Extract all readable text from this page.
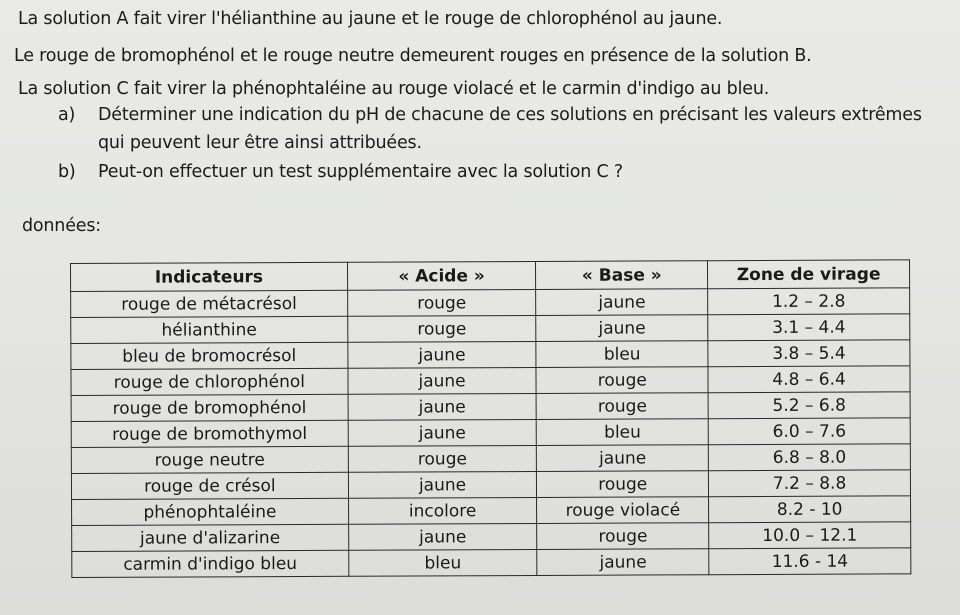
La solution A fait virer l'hélianthine au jaune et le rouge de chlorophénol au jaune.
Le rouge de bromophénol et le rouge neutre demeurent rouges en présence de la solution B.
La solution C fait virer la phénophtaléine au rouge violacé et le carmin d'indigo au bleu.
a) Déterminer une indication du pH de chacune de ces solutions en précisant les valeurs extrêmes
qui peuvent leur être ainsi attribuées.
b) Peut-on effectuer un test supplémentaire avec la solution C ?
données:
Indicateurs	« Acide »	« Base »	Zone de virage
rouge de métacrésol	rouge	jaune	1.2 – 2.8
hélianthine	rouge	jaune	3.1 – 4.4
bleu de bromocrésol	jaune	bleu	3.8 – 5.4
rouge de chlorophénol	jaune	rouge	4.8 – 6.4
rouge de bromophénol	jaune	rouge	5.2 – 6.8
rouge de bromothymol	jaune	bleu	6.0 – 7.6
rouge neutre	rouge	jaune	6.8 – 8.0
rouge de crésol	jaune	rouge	7.2 – 8.8
phénophtaléine	incolore	rouge violacé	8.2 - 10
jaune d'alizarine	jaune	rouge	10.0 – 12.1
carmin d'indigo bleu	bleu	jaune	11.6 - 14
